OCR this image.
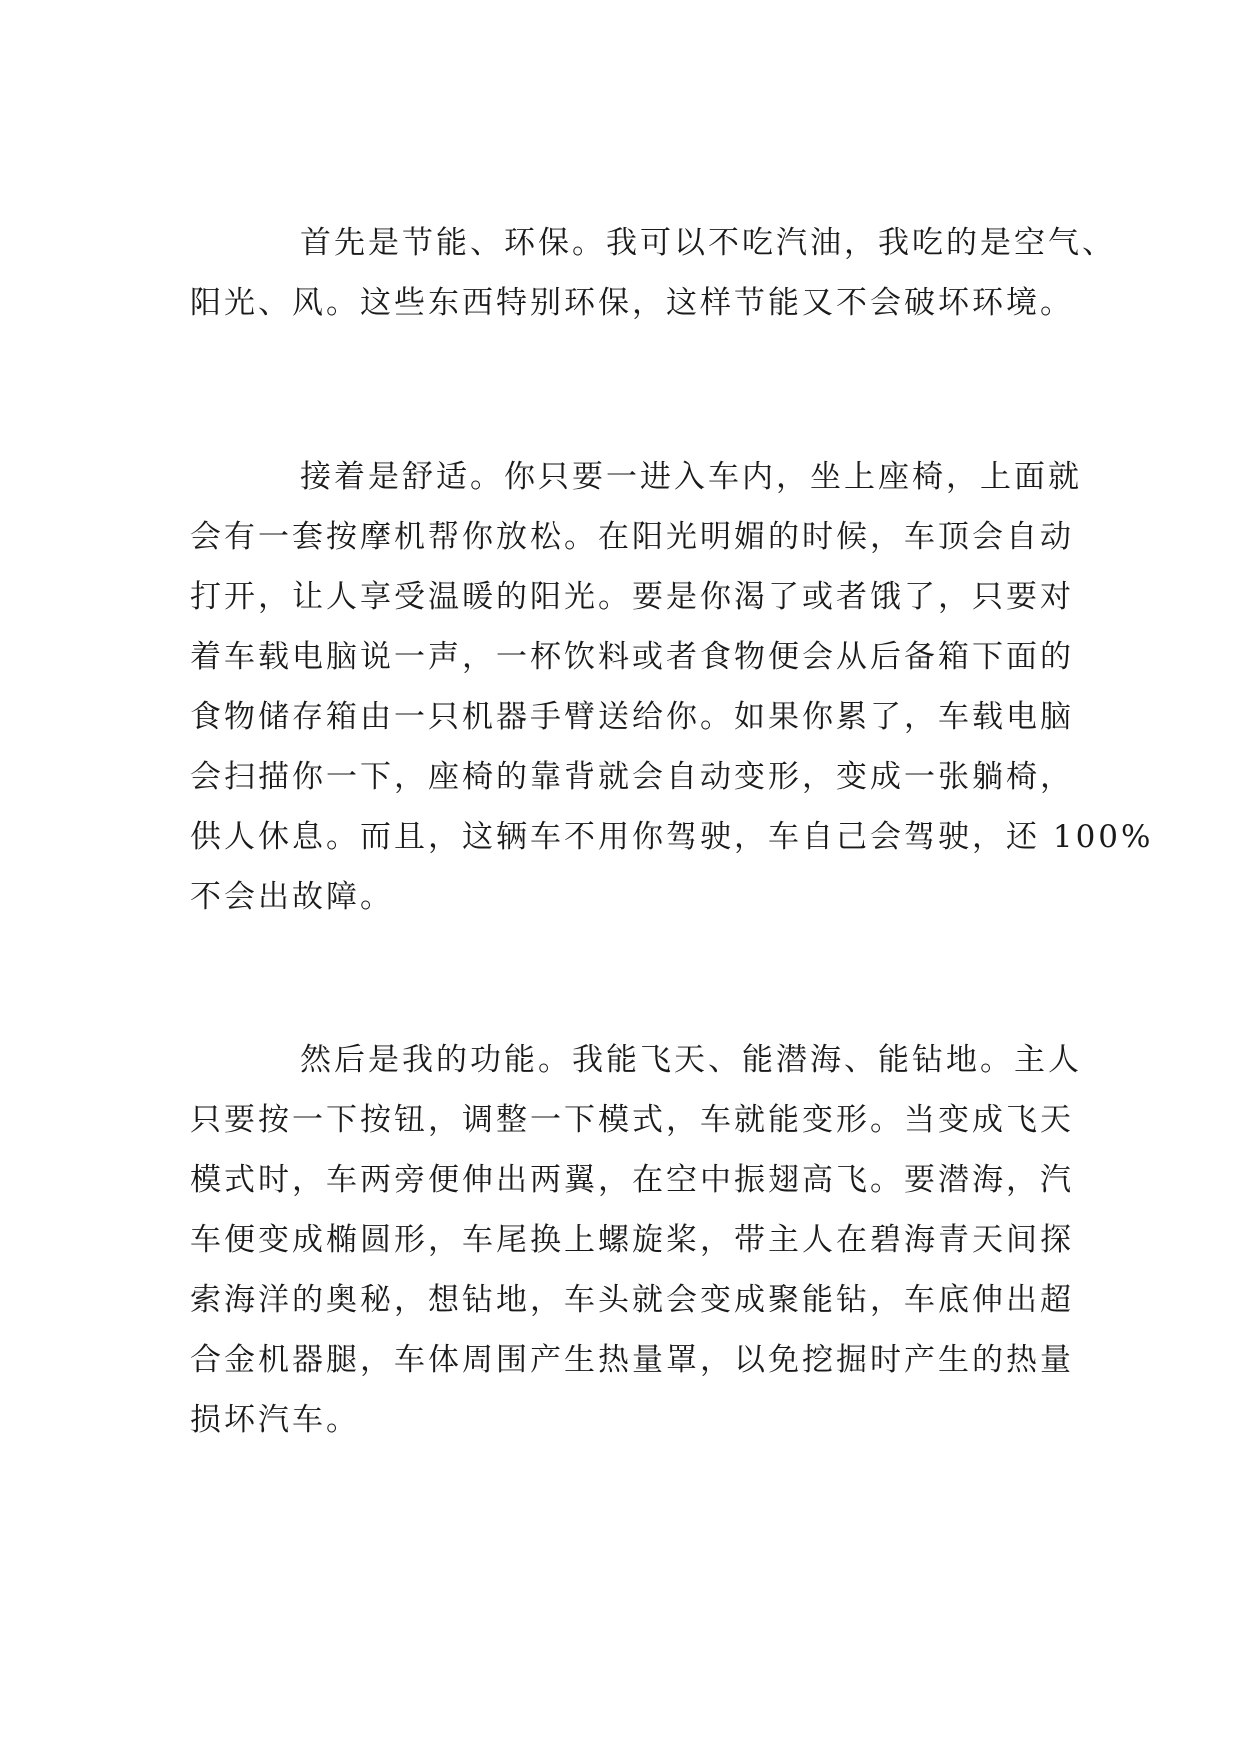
首先是节能、环保。我可以不吃汽油，我吃的是空气、
阳光、风。这些东西特别环保，这样节能又不会破坏环境。

接着是舒适。你只要一进入车内，坐上座椅，上面就
会有一套按摩机帮你放松。在阳光明媚的时候，车顶会自动
打开，让人享受温暖的阳光。要是你渴了或者饿了，只要对
着车载电脑说一声，一杯饮料或者食物便会从后备箱下面的
食物储存箱由一只机器手臂送给你。如果你累了，车载电脑
会扫描你一下，座椅的靠背就会自动变形，变成一张躺椅，
供人休息。而且，这辆车不用你驾驶，车自己会驾驶，还 100%
不会出故障。

然后是我的功能。我能飞天、能潜海、能钻地。主人
只要按一下按钮，调整一下模式，车就能变形。当变成飞天
模式时，车两旁便伸出两翼，在空中振翅高飞。要潜海，汽
车便变成椭圆形，车尾换上螺旋桨，带主人在碧海青天间探
索海洋的奥秘，想钻地，车头就会变成聚能钻，车底伸出超
合金机器腿，车体周围产生热量罩，以免挖掘时产生的热量
损坏汽车。
